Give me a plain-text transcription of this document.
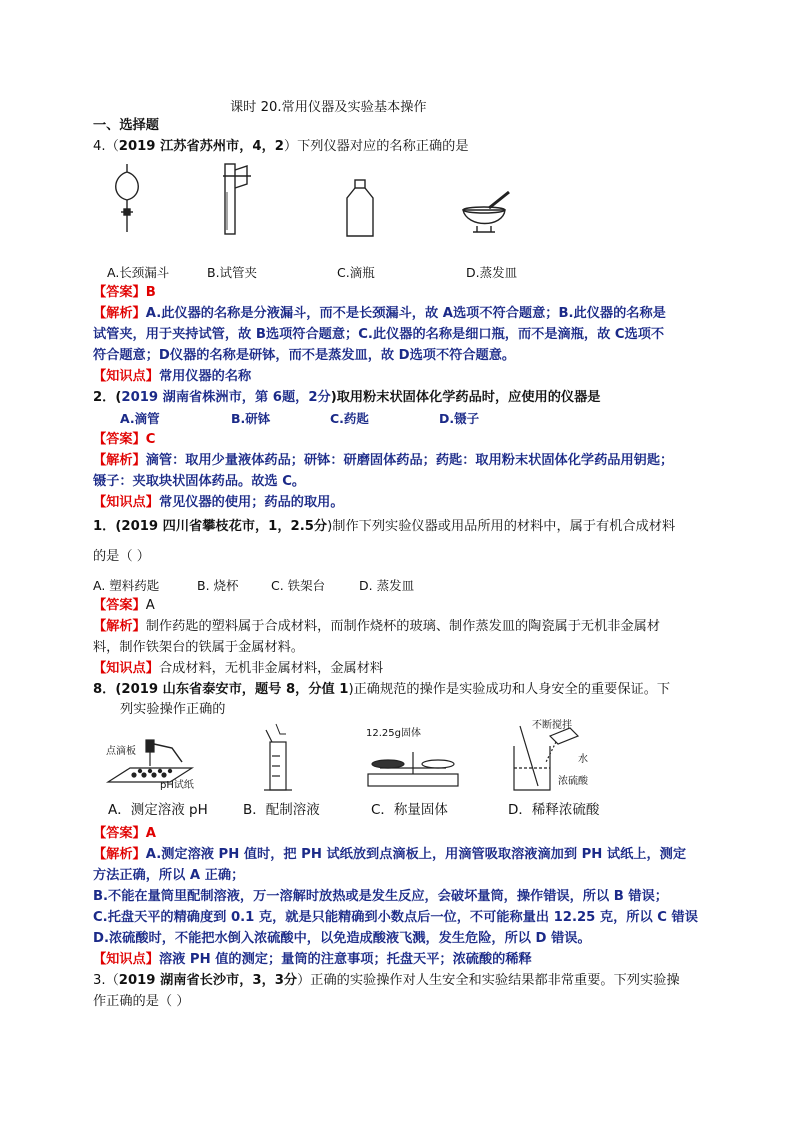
课时 20.常用仪器及实验基本操作
一、选择题
4.（2019 江苏省苏州市，4，2）下列仪器对应的名称正确的是
A.长颈漏斗	B.试管夹	C.滴瓶	D.蒸发皿
【答案】B
【解析】A.此仪器的名称是分液漏斗，而不是长颈漏斗，故 A选项不符合题意；B.此仪器的名称是
试管夹，用于夹持试管，故 B选项符合题意；C.此仪器的名称是细口瓶，而不是滴瓶，故 C选项不
符合题意；D仪器的名称是研钵，而不是蒸发皿，故 D选项不符合题意。
【知识点】常用仪器的名称
2．(2019 湖南省株洲市，第 6题，2分)取用粉末状固体化学药品时，应使用的仪器是
A.滴管	B.研钵	C.药匙	D.镊子
【答案】C
【解析】滴管：取用少量液体药品；研钵：研磨固体药品；药匙：取用粉末状固体化学药品用钥匙；
镊子：夹取块状固体药品。故选 C。
【知识点】常见仪器的使用；药品的取用。
1．(2019 四川省攀枝花市，1，2.5分)制作下列实验仪器或用品所用的材料中，属于有机合成材料
的是（ ）
A. 塑料药匙	B. 烧杯	C. 铁架台	D. 蒸发皿
【答案】A
【解析】制作药匙的塑料属于合成材料，而制作烧杯的玻璃、制作蒸发皿的陶瓷属于无机非金属材
料，制作铁架台的铁属于金属材料。
【知识点】合成材料，无机非金属材料，金属材料
8．(2019 山东省泰安市，题号 8，分值 1)正确规范的操作是实验成功和人身安全的重要保证。下
列实验操作正确的
点滴板
pH试纸
12.25g固体
不断搅拌
水
浓硫酸
A．测定溶液 pH	B．配制溶液	C．称量固体	D．稀释浓硫酸
【答案】A
【解析】A.测定溶液 PH 值时，把 PH 试纸放到点滴板上，用滴管吸取溶液滴加到 PH 试纸上，测定
方法正确，所以 A 正确；
B.不能在量筒里配制溶液，万一溶解时放热或是发生反应，会破坏量筒，操作错误，所以 B 错误；
C.托盘天平的精确度到 0.1 克，就是只能精确到小数点后一位，不可能称量出 12.25 克，所以 C 错误
D.浓硫酸时，不能把水倒入浓硫酸中，以免造成酸液飞溅，发生危险，所以 D 错误。
【知识点】溶液 PH 值的测定；量筒的注意事项；托盘天平；浓硫酸的稀释
3.（2019 湖南省长沙市，3，3分）正确的实验操作对人生安全和实验结果都非常重要。下列实验操
作正确的是（ ）
